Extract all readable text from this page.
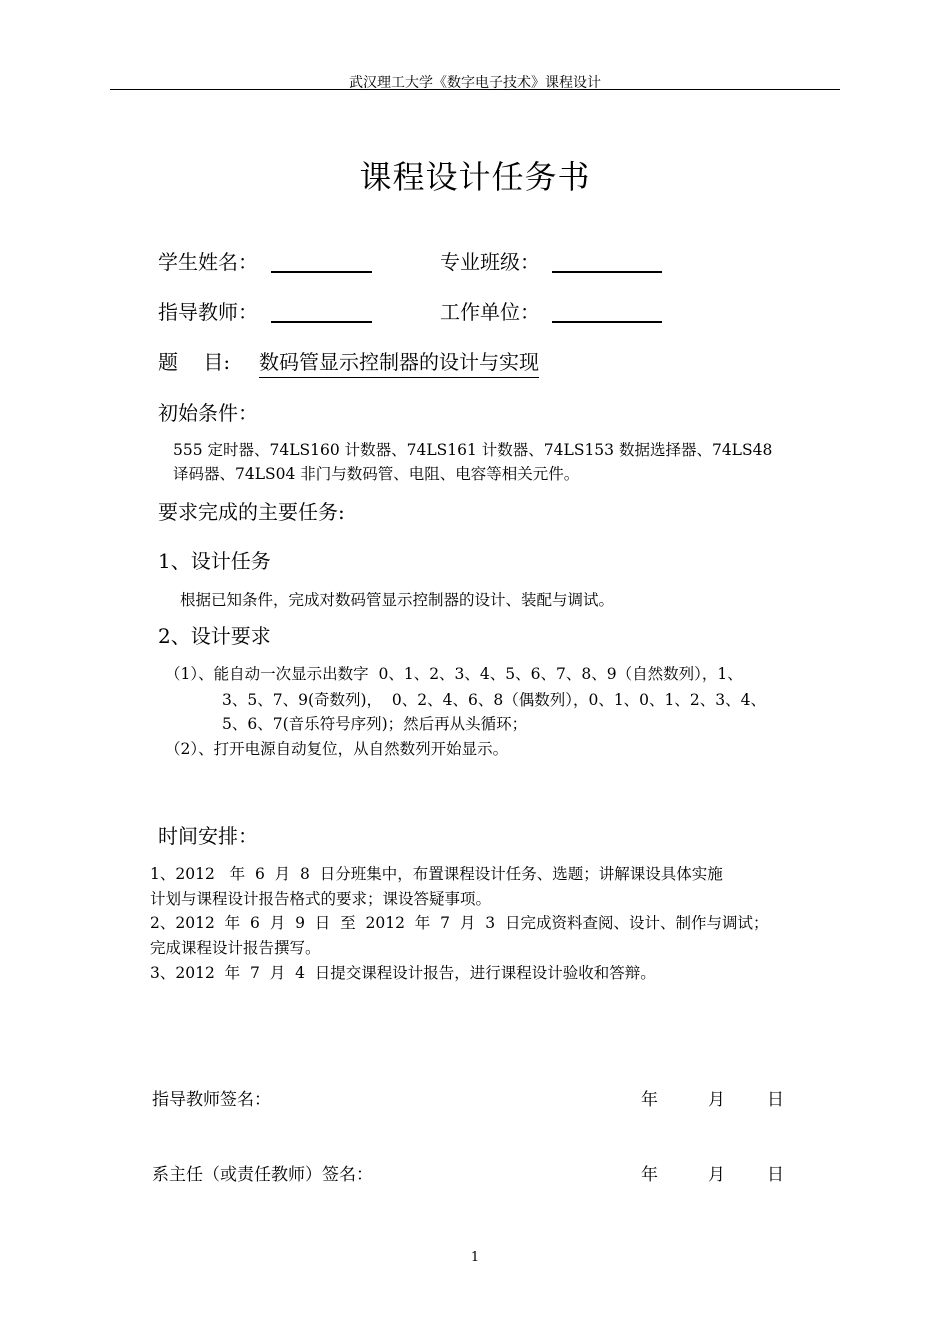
武汉理工大学《数字电子技术》课程设计
课程设计任务书
学生姓名：	专业班级：
指导教师：	工作单位：
题    目: 数码管显示控制器的设计与实现
初始条件：
555 定时器、74LS160 计数器、74LS161 计数器、74LS153 数据选择器、74LS48
译码器、74LS04 非门与数码管、电阻、电容等相关元件。
要求完成的主要任务:
1、设计任务
根据已知条件，完成对数码管显示控制器的设计、装配与调试。
2、设计要求
（1）、能自动一次显示出数字  0、1、2、3、4、5、6、7、8、9（自然数列），1、
3、5、7、9(奇数列)，  0、2、4、6、8（偶数列），0、1、0、1、2、3、4、
5、6、7(音乐符号序列)；然后再从头循环；
（2）、打开电源自动复位，从自然数列开始显示。
时间安排：
1、2012   年  6  月  8  日分班集中，布置课程设计任务、选题；讲解课设具体实施
计划与课程设计报告格式的要求；课设答疑事项。
2、2012  年  6  月  9  日  至  2012  年  7  月  3  日完成资料查阅、设计、制作与调试；
完成课程设计报告撰写。
3、2012  年  7  月  4  日提交课程设计报告，进行课程设计验收和答辩。
指导教师签名：	年	月 日
系主任（或责任教师）签名：	年	月 日
1
